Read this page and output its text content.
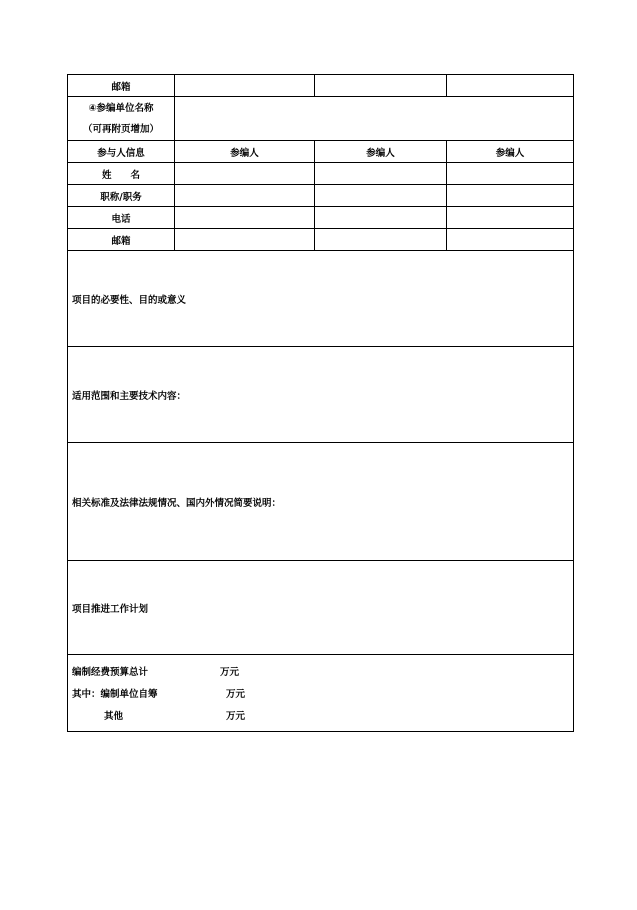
邮箱			
④参编单位名称
（可再附页增加）			
参与人信息	参编人	参编人	参编人
姓　　名			
职称/职务			
电话			
邮箱			

项目的必要性、目的或意义			

适用范围和主要技术内容：			

相关标准及法律法规情况、国内外情况简要说明：			

项目推进工作计划			

编制经费预算总计 万元
其中：编制单位自筹 万元
其他 万元			
